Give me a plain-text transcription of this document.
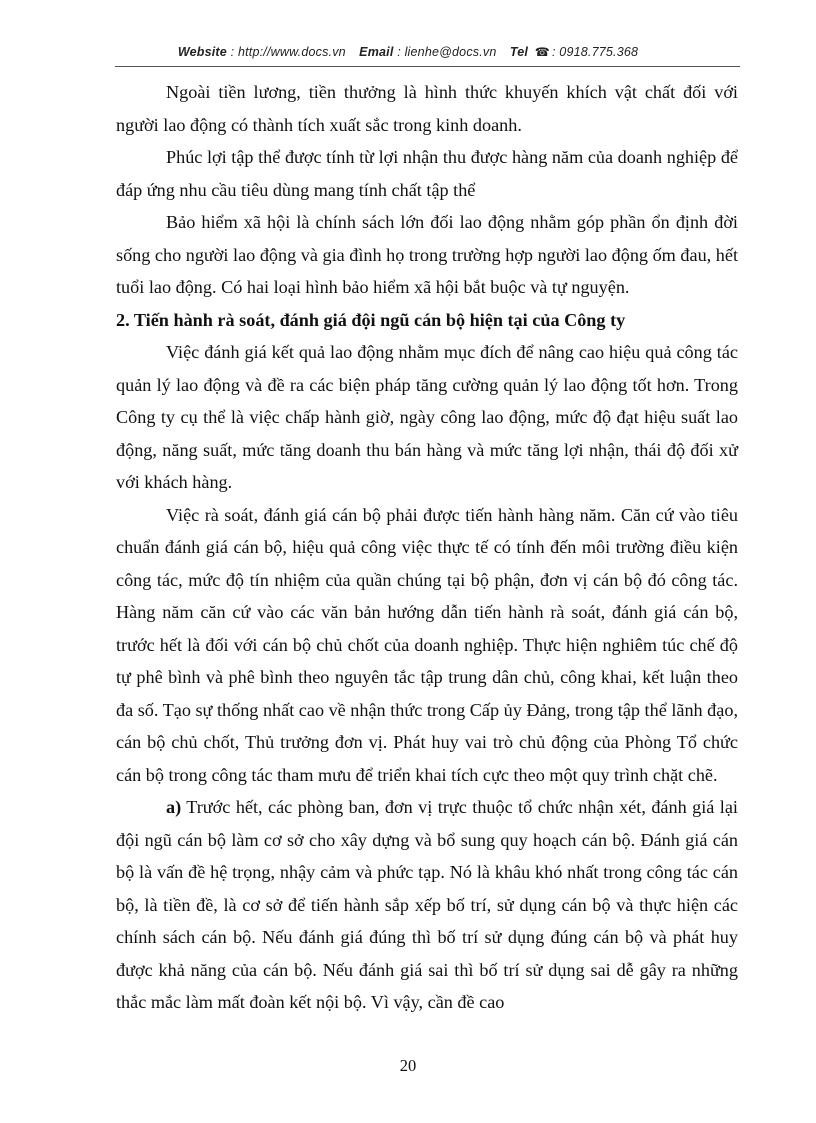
Website : http://www.docs.vn Email : lienhe@docs.vn Tel ☎ : 0918.775.368

Ngoài tiền lương, tiền thưởng là hình thức khuyến khích vật chất đối với người lao động có thành tích xuất sắc trong kinh doanh.

Phúc lợi tập thể được tính từ lợi nhận thu được hàng năm của doanh nghiệp để đáp ứng nhu cầu tiêu dùng mang tính chất tập thể

Bảo hiểm xã hội là chính sách lớn đối lao động nhằm góp phần ổn định đời sống cho người lao động và gia đình họ trong trường hợp người lao động ốm đau, hết tuổi lao động. Có hai loại hình bảo hiểm xã hội bắt buộc và tự nguyện.

2. Tiến hành rà soát, đánh giá đội ngũ cán bộ hiện tại của Công ty

Việc đánh giá kết quả lao động nhằm mục đích để nâng cao hiệu quả công tác quản lý lao động và đề ra các biện pháp tăng cường quản lý lao động tốt hơn. Trong Công ty cụ thể là việc chấp hành giờ, ngày công lao động, mức độ đạt hiệu suất lao động, năng suất, mức tăng doanh thu bán hàng và mức tăng lợi nhận, thái độ đối xử với khách hàng.

Việc rà soát, đánh giá cán bộ phải được tiến hành hàng năm. Căn cứ vào tiêu chuẩn đánh giá cán bộ, hiệu quả công việc thực tế có tính đến môi trường điều kiện công tác, mức độ tín nhiệm của quần chúng tại bộ phận, đơn vị cán bộ đó công tác. Hàng năm căn cứ vào các văn bản hướng dẫn tiến hành rà soát, đánh giá cán bộ, trước hết là đối với cán bộ chủ chốt của doanh nghiệp. Thực hiện nghiêm túc chế độ tự phê bình và phê bình theo nguyên tắc tập trung dân chủ, công khai, kết luận theo đa số. Tạo sự thống nhất cao về nhận thức trong Cấp ủy Đảng, trong tập thể lãnh đạo, cán bộ chủ chốt, Thủ trưởng đơn vị. Phát huy vai trò chủ động của Phòng Tổ chức cán bộ trong công tác tham mưu để triển khai tích cực theo một quy trình chặt chẽ.

a) Trước hết, các phòng ban, đơn vị trực thuộc tổ chức nhận xét, đánh giá lại đội ngũ cán bộ làm cơ sở cho xây dựng và bổ sung quy hoạch cán bộ. Đánh giá cán bộ là vấn đề hệ trọng, nhậy cảm và phức tạp. Nó là khâu khó nhất trong công tác cán bộ, là tiền đề, là cơ sở để tiến hành sắp xếp bố trí, sử dụng cán bộ và thực hiện các chính sách cán bộ. Nếu đánh giá đúng thì bố trí sử dụng đúng cán bộ và phát huy được khả năng của cán bộ. Nếu đánh giá sai thì bố trí sử dụng sai dễ gây ra những thắc mắc làm mất đoàn kết nội bộ. Vì vậy, cần đề cao

20
